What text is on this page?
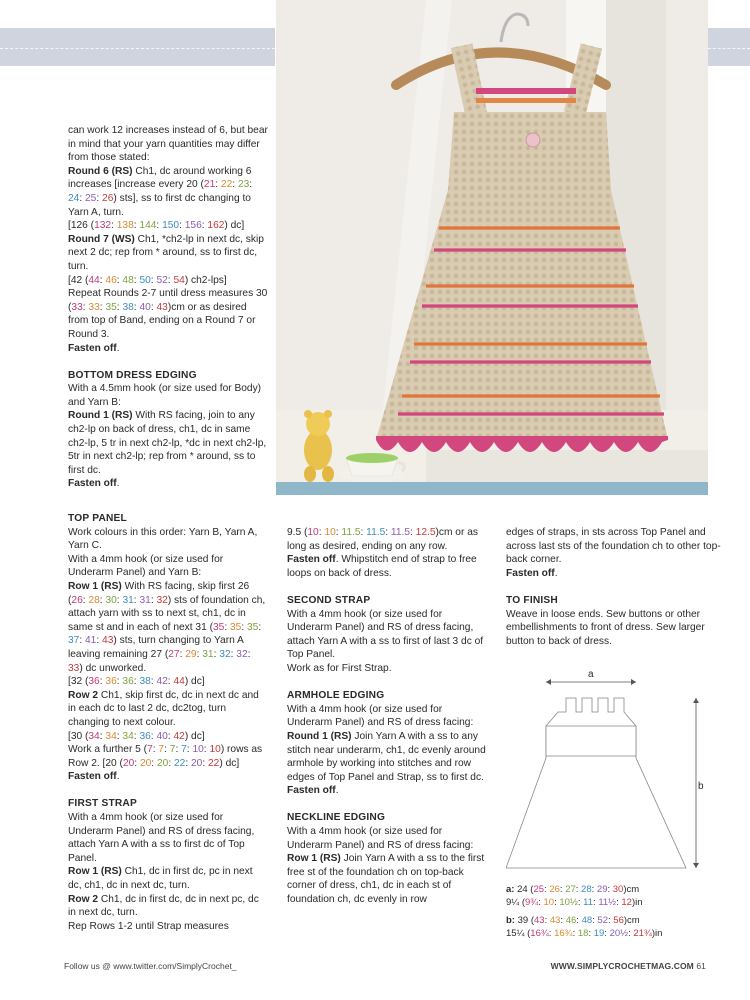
can work 12 increases instead of 6, but bear in mind that your yarn quantities may differ from those stated:

Round 6 (RS) Ch1, dc around working 6 increases [increase every 20 (21: 22: 23: 24: 25: 26) sts], ss to first dc changing to Yarn A, turn.

[126 (132: 138: 144: 150: 156: 162) dc]

Round 7 (WS) Ch1, *ch2-lp in next dc, skip next 2 dc; rep from * around, ss to first dc, turn.

[42 (44: 46: 48: 50: 52: 54) ch2-lps]

Repeat Rounds 2-7 until dress measures 30 (33: 33: 35: 38: 40: 43)cm or as desired from top of Band, ending on a Round 7 or Round 3.

Fasten off.

BOTTOM DRESS EDGING

With a 4.5mm hook (or size used for Body) and Yarn B:

Round 1 (RS) With RS facing, join to any ch2-lp on back of dress, ch1, dc in same ch2-lp, 5 tr in next ch2-lp, *dc in next ch2-lp, 5tr in next ch2-lp; rep from * around, ss to first dc.

Fasten off.

TOP PANEL

Work colours in this order: Yarn B, Yarn A, Yarn C.

With a 4mm hook (or size used for Underarm Panel) and Yarn B:

Row 1 (RS) With RS facing, skip first 26 (26: 28: 30: 31: 31: 32) sts of foundation ch, attach yarn with ss to next st, ch1, dc in same st and in each of next 31 (35: 35: 35: 37: 41: 43) sts, turn changing to Yarn A leaving remaining 27 (27: 29: 31: 32: 32: 33) dc unworked.

[32 (36: 36: 36: 38: 42: 44) dc]

Row 2 Ch1, skip first dc, dc in next dc and in each dc to last 2 dc, dc2tog, turn changing to next colour.

[30 (34: 34: 34: 36: 40: 42) dc]

Work a further 5 (7: 7: 7: 7: 10: 10) rows as Row 2. [20 (20: 20: 20: 22: 20: 22) dc]

Fasten off.

FIRST STRAP

With a 4mm hook (or size used for Underarm Panel) and RS of dress facing, attach Yarn A with a ss to first dc of Top Panel.

Row 1 (RS) Ch1, dc in first dc, pc in next dc, ch1, dc in next dc, turn.

Row 2 Ch1, dc in first dc, dc in next pc, dc in next dc, turn.

Rep Rows 1-2 until Strap measures

9.5 (10: 10: 11.5: 11.5: 11.5: 12.5)cm or as long as desired, ending on any row.

Fasten off. Whipstitch end of strap to free loops on back of dress.

SECOND STRAP

With a 4mm hook (or size used for Underarm Panel) and RS of dress facing, attach Yarn A with a ss to first of last 3 dc of Top Panel.

Work as for First Strap.

ARMHOLE EDGING

With a 4mm hook (or size used for Underarm Panel) and RS of dress facing:

Round 1 (RS) Join Yarn A with a ss to any stitch near underarm, ch1, dc evenly around armhole by working into stitches and row edges of Top Panel and Strap, ss to first dc. Fasten off.

NECKLINE EDGING

With a 4mm hook (or size used for Underarm Panel) and RS of dress facing:

Row 1 (RS) Join Yarn A with a ss to the first free st of the foundation ch on top-back corner of dress, ch1, dc in each st of foundation ch, dc evenly in row

edges of straps, in sts across Top Panel and across last sts of the foundation ch to other top-back corner.

Fasten off.

TO FINISH

Weave in loose ends. Sew buttons or other embellishments to front of dress. Sew larger button to back of dress.

a
b

a: 24 (25: 26: 27: 28: 29: 30)cm

9¼ (9¾: 10: 10½: 11: 11½: 12)in

b: 39 (43: 43: 46: 48: 52: 56)cm

15¼ (16¾: 16¾: 18: 19: 20½: 21¾)in

Follow us @ www.twitter.com/SimplyCrochet_	WWW.SIMPLYCROCHETMAG.COM 61
